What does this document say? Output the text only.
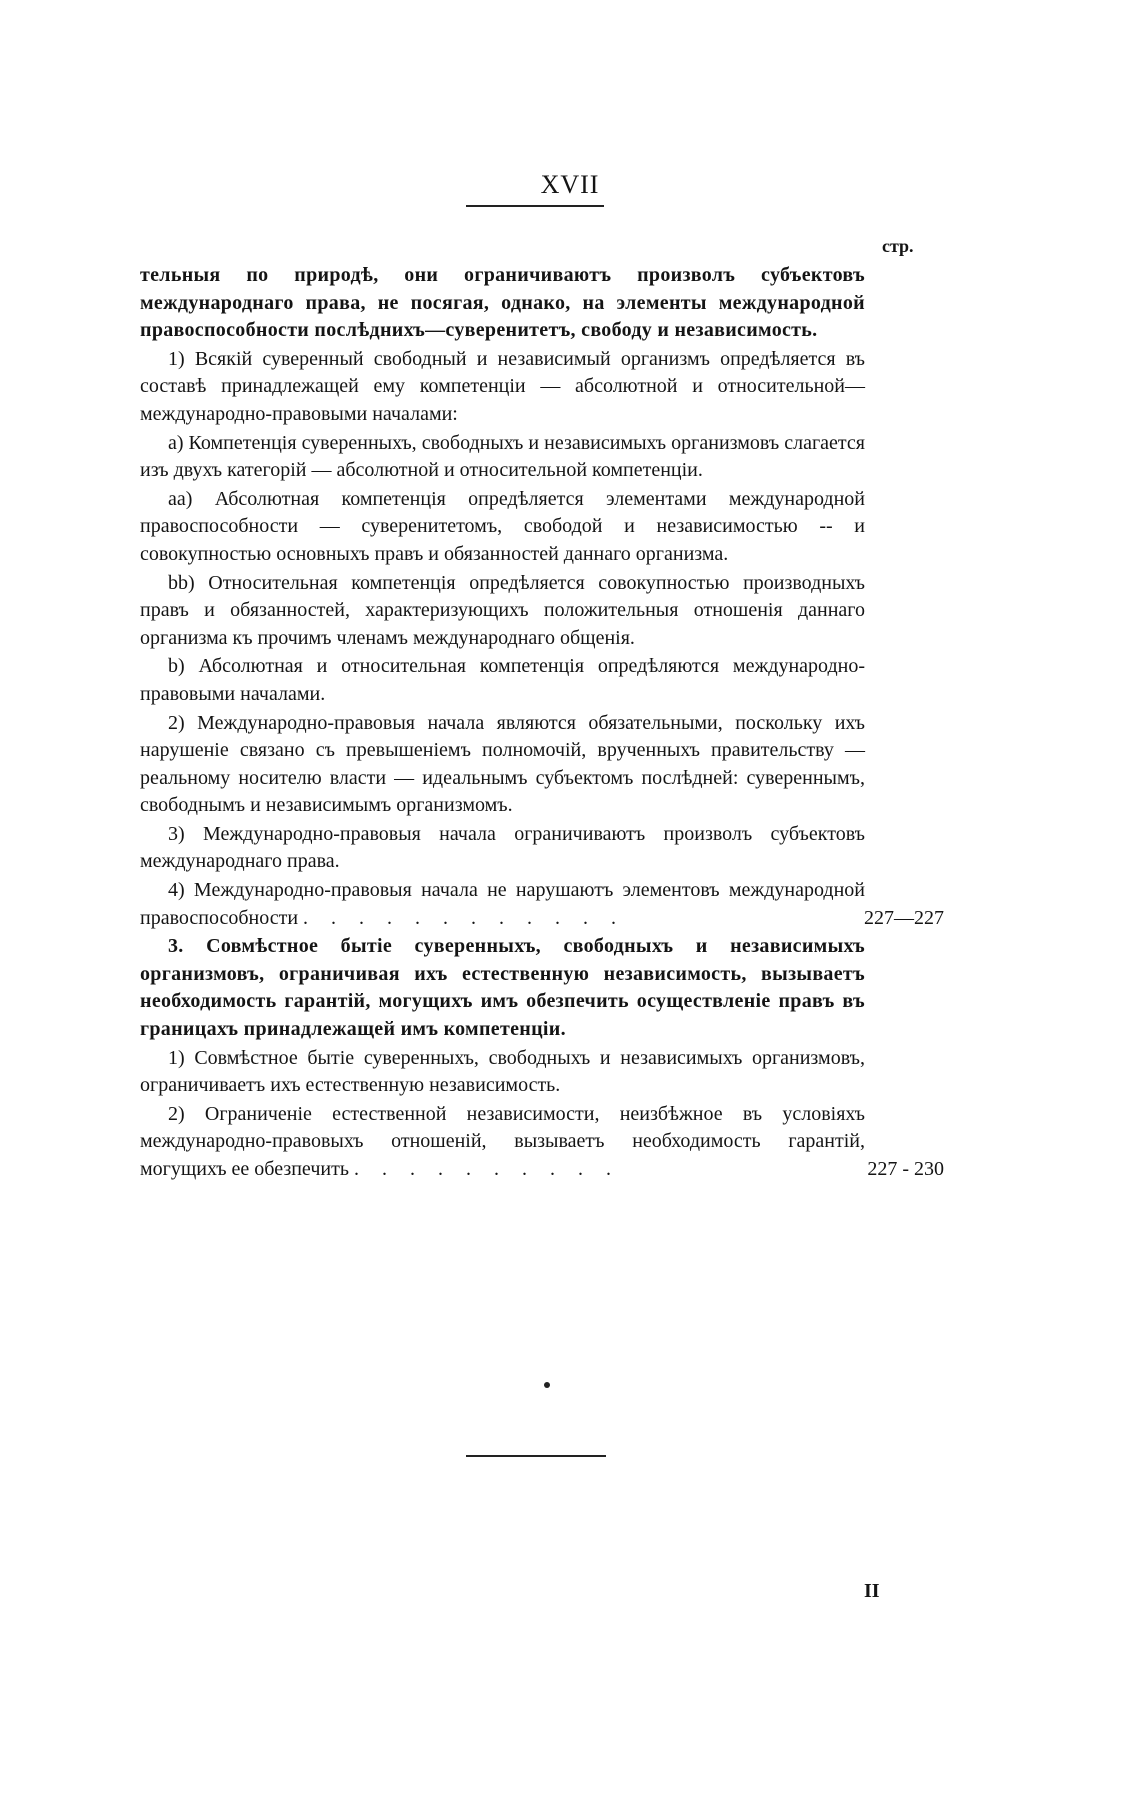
XVII
стр.

тельныя по природѣ, они ограничиваютъ произволъ субъектовъ международнаго права, не посягая, однако, на элементы международной правоспособности послѣднихъ—суверенитетъ, свободу и независимость.

1) Всякій суверенный свободный и независимый организмъ опредѣляется въ составѣ принадлежащей ему компетенціи — абсолютной и относительной—международно-правовыми началами:

a) Компетенція суверенныхъ, свободныхъ и независимыхъ организмовъ слагается изъ двухъ категорій — абсолютной и относительной компетенціи.

aa) Абсолютная компетенція опредѣляется элементами международной правоспособности — суверенитетомъ, свободой и независимостью -- и совокупностью основныхъ правъ и обязанностей даннаго организма.

bb) Относительная компетенція опредѣляется совокупностью производныхъ правъ и обязанностей, характеризующихъ положительныя отношенія даннаго организма къ прочимъ членамъ международнаго общенія.

b) Абсолютная и относительная компетенція опредѣляются международно-правовыми началами.

2) Международно-правовыя начала являются обязательными, поскольку ихъ нарушеніе связано съ превышеніемъ полномочій, врученныхъ правительству — реальному носителю власти — идеальнымъ субъектомъ послѣдней: сувереннымъ, свободнымъ и независимымъ организмомъ.

3) Международно-правовыя начала ограничиваютъ произволъ субъектовъ международнаго права.

4) Международно-правовыя начала не нарушаютъ элементовъ международной правоспособности . . . . . . . . . . . .	227—227

3. Совмѣстное бытіе суверенныхъ, свободныхъ и независимыхъ организмовъ, ограничивая ихъ естественную независимость, вызываетъ необходимость гарантій, могущихъ имъ обезпечить осуществленіе правъ въ границахъ принадлежащей имъ компетенціи.

1) Совмѣстное бытіе суверенныхъ, свободныхъ и независимыхъ организмовъ, ограничиваетъ ихъ естественную независимость.

2) Ограниченіе естественной независимости, неизбѣжное въ условіяхъ международно-правовыхъ отношеній, вызываетъ необходимость гарантій, могущихъ ее обезпечить . . . . . . . . . .	227 - 230

II
